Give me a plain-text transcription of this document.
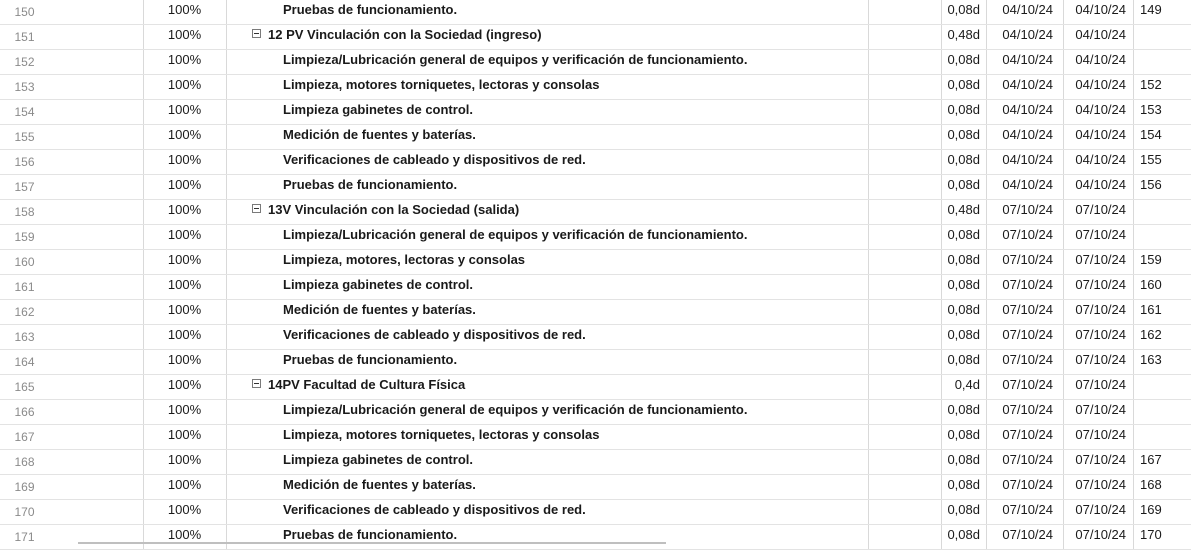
150	100%	Pruebas de funcionamiento.	0,08d	04/10/24	04/10/24	149
151	100%	12 PV Vinculación con la Sociedad (ingreso)	0,48d	04/10/24	04/10/24
152	100%	Limpieza/Lubricación general de equipos y verificación de funcionamiento.	0,08d	04/10/24	04/10/24
153	100%	Limpieza, motores torniquetes, lectoras y consolas	0,08d	04/10/24	04/10/24	152
154	100%	Limpieza gabinetes de control.	0,08d	04/10/24	04/10/24	153
155	100%	Medición de fuentes y baterías.	0,08d	04/10/24	04/10/24	154
156	100%	Verificaciones de cableado y dispositivos de red.	0,08d	04/10/24	04/10/24	155
157	100%	Pruebas de funcionamiento.	0,08d	04/10/24	04/10/24	156
158	100%	13V Vinculación con la Sociedad (salida)	0,48d	07/10/24	07/10/24
159	100%	Limpieza/Lubricación general de equipos y verificación de funcionamiento.	0,08d	07/10/24	07/10/24
160	100%	Limpieza, motores, lectoras y consolas	0,08d	07/10/24	07/10/24	159
161	100%	Limpieza gabinetes de control.	0,08d	07/10/24	07/10/24	160
162	100%	Medición de fuentes y baterías.	0,08d	07/10/24	07/10/24	161
163	100%	Verificaciones de cableado y dispositivos de red.	0,08d	07/10/24	07/10/24	162
164	100%	Pruebas de funcionamiento.	0,08d	07/10/24	07/10/24	163
165	100%	14PV Facultad de Cultura Física	0,4d	07/10/24	07/10/24
166	100%	Limpieza/Lubricación general de equipos y verificación de funcionamiento.	0,08d	07/10/24	07/10/24
167	100%	Limpieza, motores torniquetes, lectoras y consolas	0,08d	07/10/24	07/10/24
168	100%	Limpieza gabinetes de control.	0,08d	07/10/24	07/10/24	167
169	100%	Medición de fuentes y baterías.	0,08d	07/10/24	07/10/24	168
170	100%	Verificaciones de cableado y dispositivos de red.	0,08d	07/10/24	07/10/24	169
171	100%	Pruebas de funcionamiento.	0,08d	07/10/24	07/10/24	170
